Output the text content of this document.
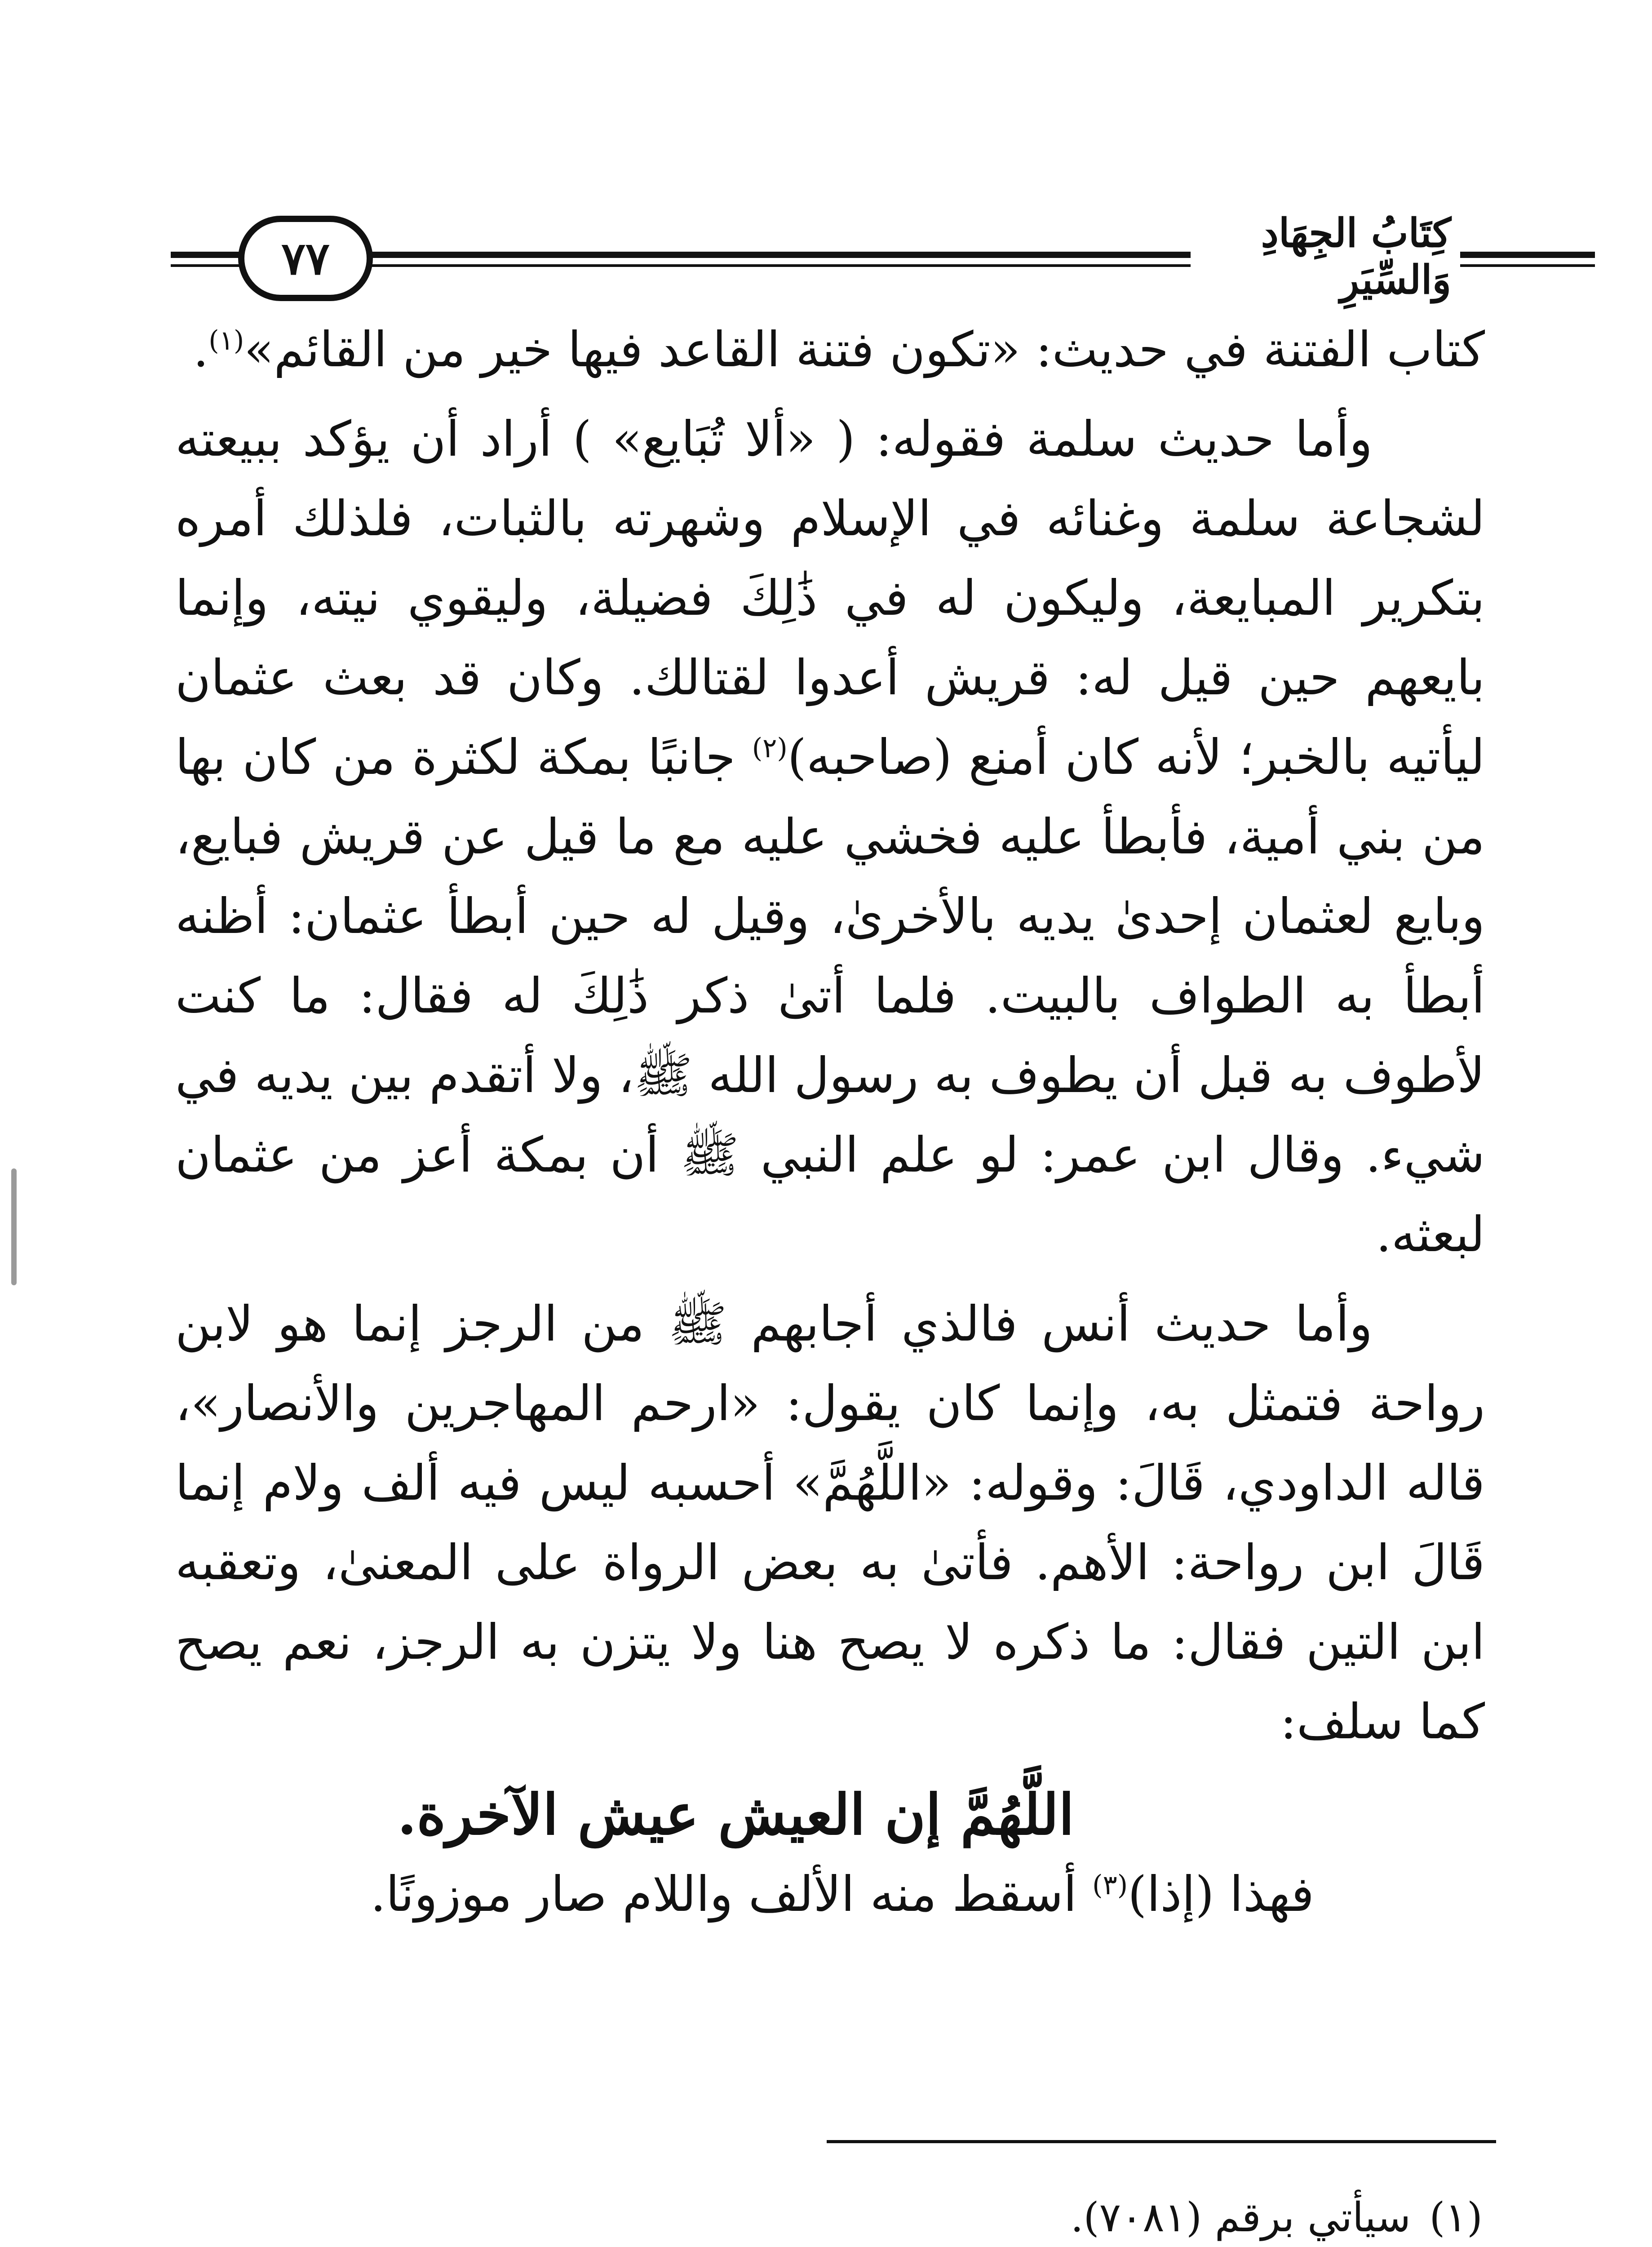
كِتَابُ الجِهَادِ وَالسِّيَرِ
٧٧

كتاب الفتنة في حديث: «تكون فتنة القاعد فيها خير من القائم»$^{(١)}$.

وأما حديث سلمة فقوله: ( «ألا تُبَايع» ) أراد أن يؤكد ببيعته لشجاعة سلمة وغنائه في الإسلام وشهرته بالثبات، فلذلك أمره بتكرير المبايعة، وليكون له في ذَٰلِكَ فضيلة، وليقوي نيته، وإنما بايعهم حين قيل له: قريش أعدوا لقتالك. وكان قد بعث عثمان ليأتيه بالخبر؛ لأنه كان أمنع (صاحبه)$^{(٢)}$ جانبًا بمكة لكثرة من كان بها من بني أمية، فأبطأ عليه فخشي عليه مع ما قيل عن قريش فبايع، وبايع لعثمان إحدىٰ يديه بالأخرىٰ، وقيل له حين أبطأ عثمان: أظنه أبطأ به الطواف بالبيت. فلما أتىٰ ذكر ذَٰلِكَ له فقال: ما كنت لأطوف به قبل أن يطوف به رسول الله ﷺ، ولا أتقدم بين يديه في شيء. وقال ابن عمر: لو علم النبي ﷺ أن بمكة أعز من عثمان لبعثه.

وأما حديث أنس فالذي أجابهم ﷺ من الرجز إنما هو لابن رواحة فتمثل به، وإنما كان يقول: «ارحم المهاجرين والأنصار»، قاله الداودي، قَالَ: وقوله: «اللَّهُمَّ» أحسبه ليس فيه ألف ولام إنما قَالَ ابن رواحة: الأهم. فأتىٰ به بعض الرواة على المعنىٰ، وتعقبه ابن التين فقال: ما ذكره لا يصح هنا ولا يتزن به الرجز، نعم يصح كما سلف:

اللَّهُمَّ إن العيش عيش الآخرة.

فهذا (إذا)$^{(٣)}$ أسقط منه الألف واللام صار موزونًا.

(١)
سيأتي برقم (٧٠٨١).
